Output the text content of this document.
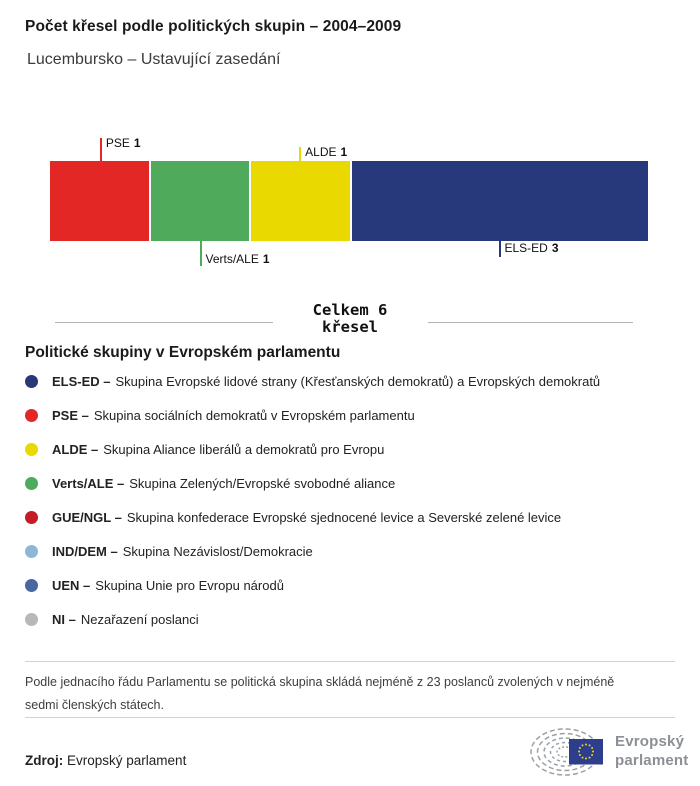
Počet křesel podle politických skupin – 2004–2009
Lucembursko – Ustavující zasedání
PSE 1
Verts/ALE 1
ALDE 1
ELS-ED 3
Celkem 6
křesel
Politické skupiny v Evropském parlamentu
ELS-ED – Skupina Evropské lidové strany (Křesťanských demokratů) a Evropských demokratů
PSE – Skupina sociálních demokratů v Evropském parlamentu
ALDE – Skupina Aliance liberálů a demokratů pro Evropu
Verts/ALE – Skupina Zelených/Evropské svobodné aliance
GUE/NGL – Skupina konfederace Evropské sjednocené levice a Severské zelené levice
IND/DEM – Skupina Nezávislost/Demokracie
UEN – Skupina Unie pro Evropu národů
NI – Nezařazení poslanci
Podle jednacího řádu Parlamentu se politická skupina skládá nejméně z 23 poslanců zvolených v nejméně sedmi členských státech.
Zdroj: Evropský parlament
Evropský
parlament
